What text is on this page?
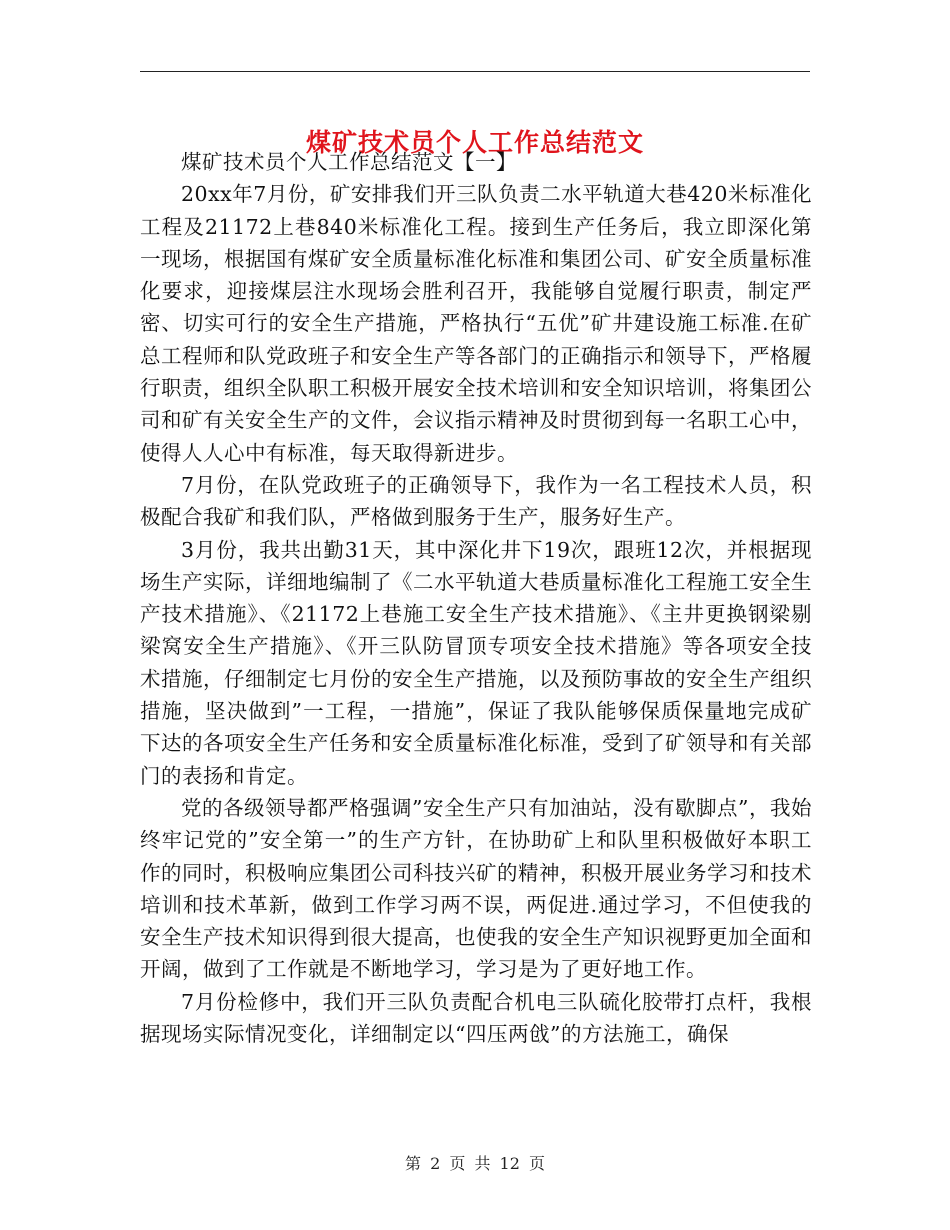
煤矿技术员个人工作总结范文

煤矿技术员个人工作总结范文【一】

20xx年7月份，矿安排我们开三队负责二水平轨道大巷420米标准化工程及21172上巷840米标准化工程。接到生产任务后，我立即深化第一现场，根据国有煤矿安全质量标准化标准和集团公司、矿安全质量标准化要求，迎接煤层注水现场会胜利召开，我能够自觉履行职责，制定严密、切实可行的安全生产措施，严格执行“五优”矿井建设施工标准.在矿总工程师和队党政班子和安全生产等各部门的正确指示和领导下，严格履行职责，组织全队职工积极开展安全技术培训和安全知识培训，将集团公司和矿有关安全生产的文件，会议指示精神及时贯彻到每一名职工心中，使得人人心中有标准，每天取得新进步。

7月份，在队党政班子的正确领导下，我作为一名工程技术人员，积极配合我矿和我们队，严格做到服务于生产，服务好生产。

3月份，我共出勤31天，其中深化井下19次，跟班12次，并根据现场生产实际，详细地编制了《二水平轨道大巷质量标准化工程施工安全生产技术措施》、《21172上巷施工安全生产技术措施》、《主井更换钢梁剔梁窝安全生产措施》、《开三队防冒顶专项安全技术措施》等各项安全技术措施，仔细制定七月份的安全生产措施，以及预防事故的安全生产组织措施，坚决做到”一工程，一措施”，保证了我队能够保质保量地完成矿下达的各项安全生产任务和安全质量标准化标准，受到了矿领导和有关部门的表扬和肯定。

党的各级领导都严格强调”安全生产只有加油站，没有歇脚点”，我始终牢记党的”安全第一”的生产方针，在协助矿上和队里积极做好本职工作的同时，积极响应集团公司科技兴矿的精神，积极开展业务学习和技术培训和技术革新，做到工作学习两不误，两促进.通过学习，不但使我的安全生产技术知识得到很大提高，也使我的安全生产知识视野更加全面和开阔，做到了工作就是不断地学习，学习是为了更好地工作。

7月份检修中，我们开三队负责配合机电三队硫化胶带打点杆，我根据现场实际情况变化，详细制定以“四压两戗”的方法施工，确保

第 2 页 共 12 页
